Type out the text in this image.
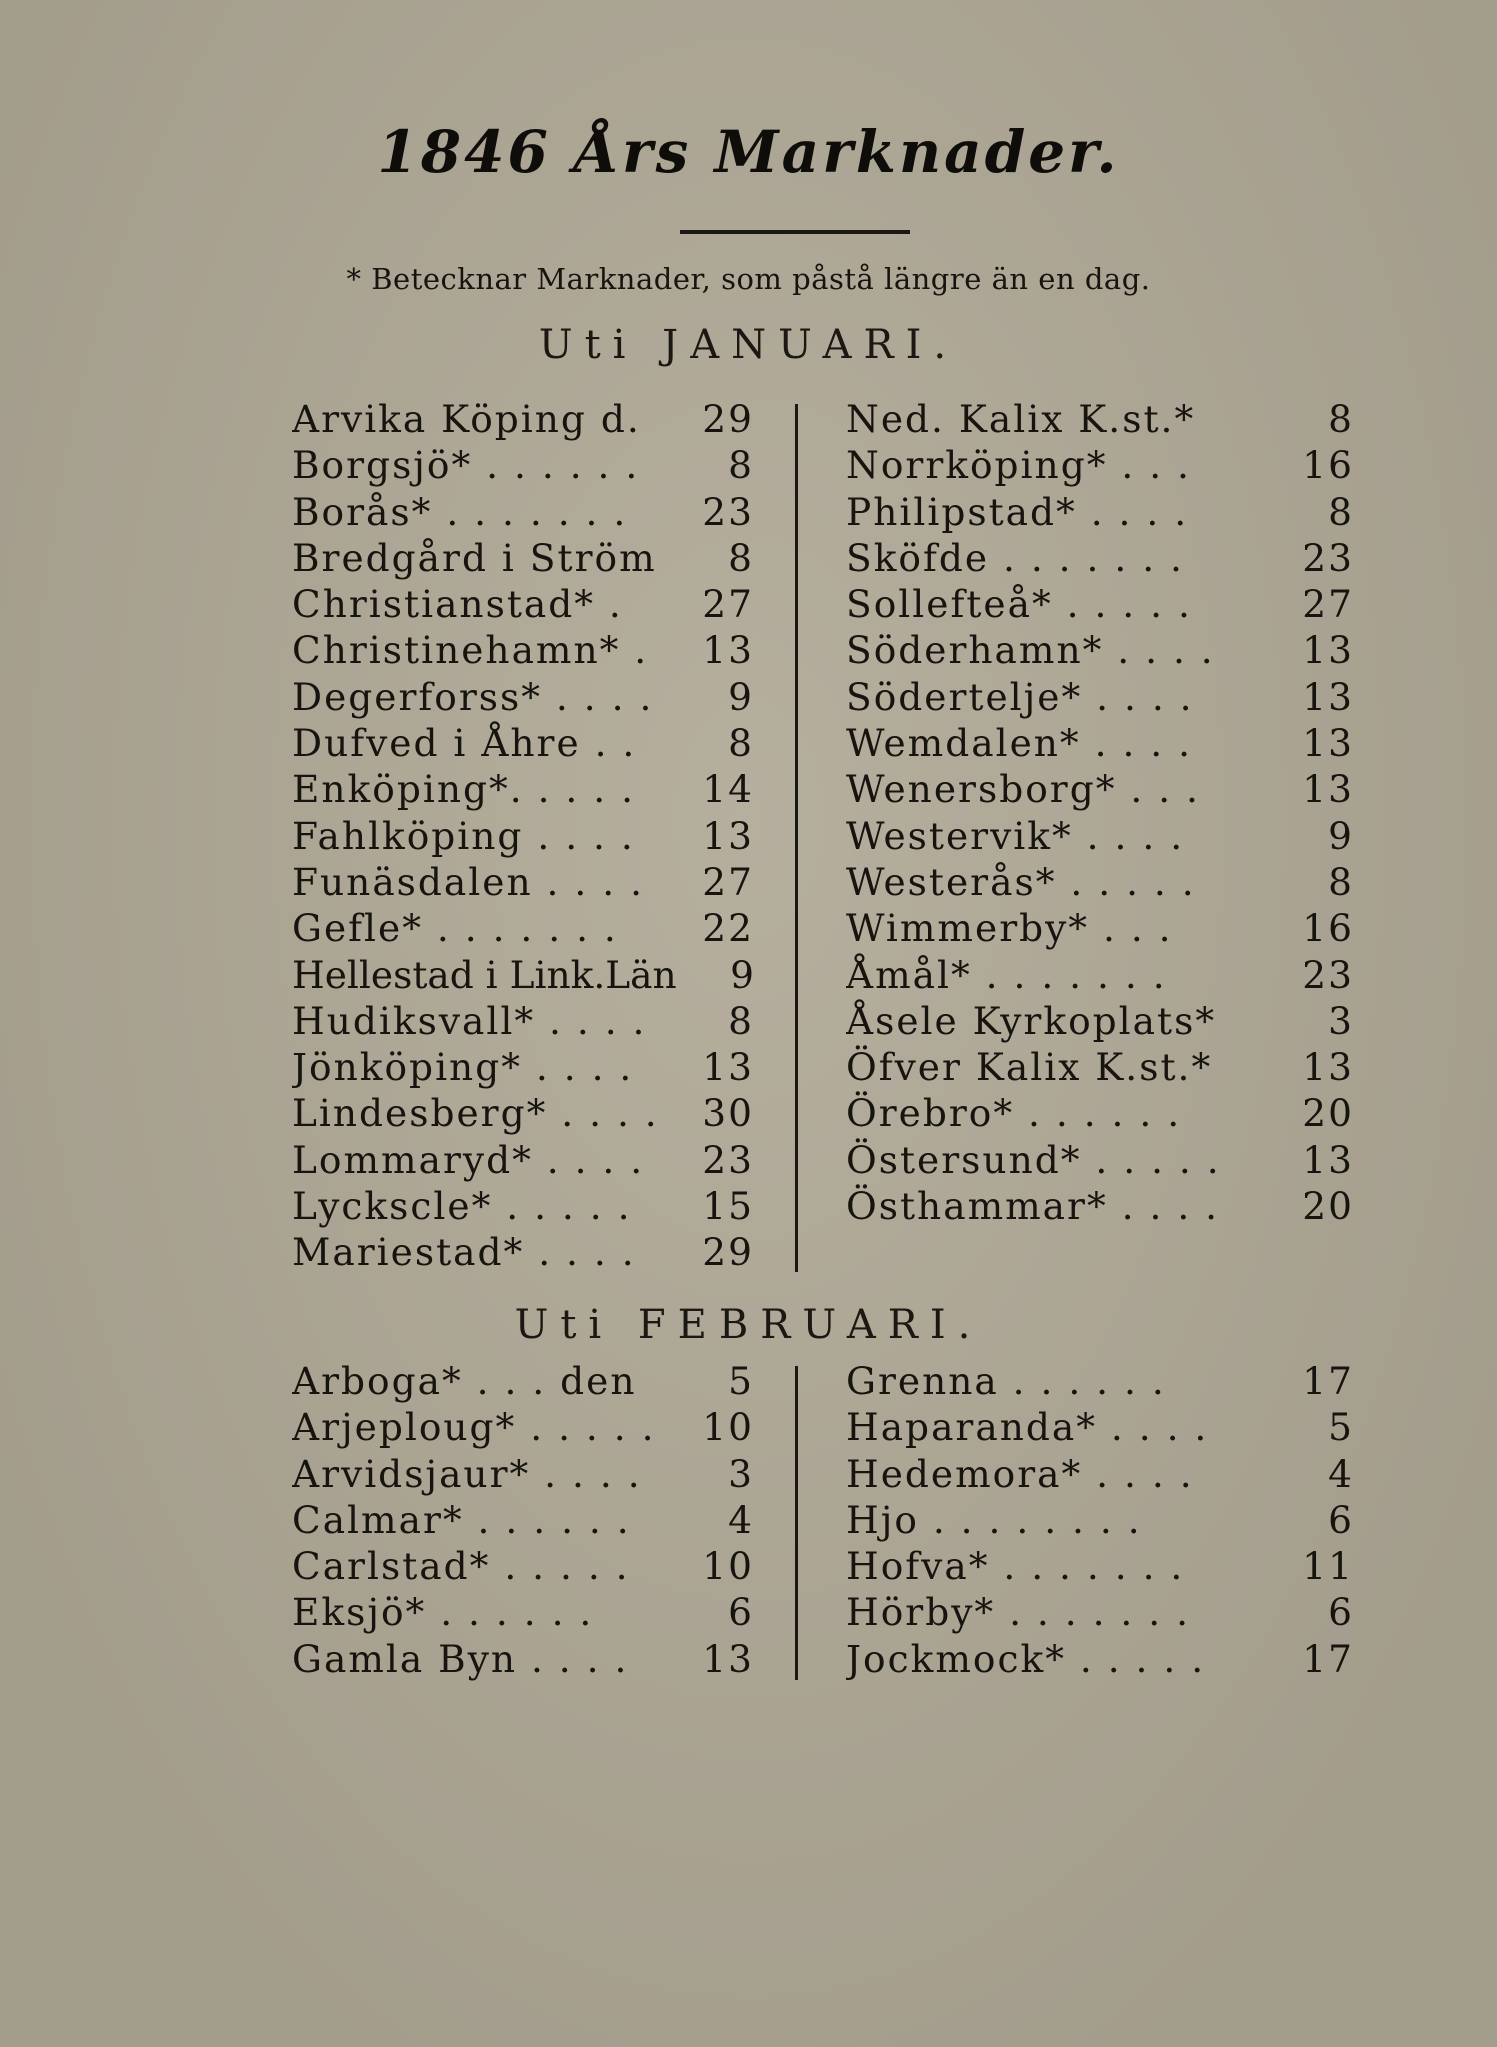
1846 Års Marknader.
* Betecknar Marknader, som påstå längre än en dag.
Uti JANUARI.
Arvika Köping d. 29
Borgsjö* . . . . . . 8
Borås* . . . . . . . 23
Bredgård i Ström 8
Christianstad* . 27
Christinehamn* . 13
Degerforss* . . . . 9
Dufved i Åhre . . 8
Enköping*. . . . . 14
Fahlköping . . . . 13
Funäsdalen . . . . 27
Gefle* . . . . . . . 22
Hellestad i Link.Län 9
Hudiksvall* . . . . 8
Jönköping* . . . . 13
Lindesberg* . . . . 30
Lommaryd* . . . . 23
Lyckscle* . . . . . 15
Mariestad* . . . . 29
Ned. Kalix K.st.*	8
Norrköping* . . .	16
Philipstad* . . . .	8
Sköfde . . . . . . .	23
Sollefteå* . . . . .	27
Söderhamn* . . . . 13
Södertelje* . . . .	13
Wemdalen* . . . .	13
Wenersborg* . . .	13
Westervik* . . . .	9
Westerås* . . . . .	8
Wimmerby* . . .	16
Åmål* . . . . . . .	23
Åsele Kyrkoplats*	3
Öfver Kalix K.st.* 13
Örebro* . . . . . .	20
Östersund* . . . . . 13
Östhammar* . . . . 20
Uti FEBRUARI.
Arboga* . . . den 5
Arjeploug* . . . . . 10
Arvidsjaur* . . . . 3
Calmar* . . . . . .	4
Carlstad* . . . . . 10
Eksjö* . . . . . .	6
Gamla Byn . . . . 13
Grenna . . . . . .	17
Haparanda* . . . .	5
Hedemora* . . . .	4
Hjo . . . . . . . .	6
Hofva* . . . . . . .	11
Hörby* . . . . . . .	6
Jockmock* . . . . .	17
